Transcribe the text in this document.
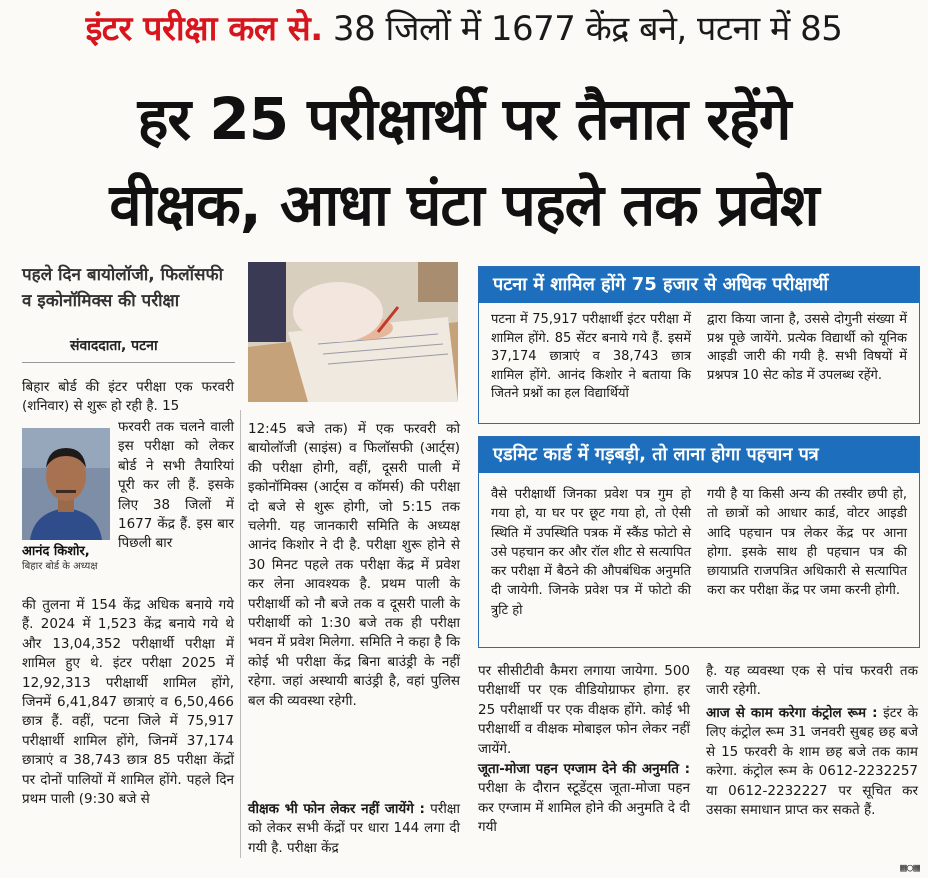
इंटर परीक्षा कल से. 38 जिलों में 1677 केंद्र बने, पटना में 85
हर 25 परीक्षार्थी पर तैनात रहेंगे
वीक्षक, आधा घंटा पहले तक प्रवेश
पहले दिन बायोलॉजी, फिलॉसफी व इकोनॉमिक्स की परीक्षा
संवाददाता, पटना
आनंद किशोर,
बिहार बोर्ड के अध्यक्ष
बिहार बोर्ड की इंटर परीक्षा एक फरवरी (शनिवार) से शुरू हो रही है. 15
फरवरी तक चलने वाली इस परीक्षा को लेकर बोर्ड ने सभी तैयारियां पूरी कर ली हैं. इसके लिए 38 जिलों में 1677 केंद्र हैं. इस बार पिछली बार
की तुलना में 154 केंद्र अधिक बनाये गये हैं. 2024 में 1,523 केंद्र बनाये गये थे और 13,04,352 परीक्षार्थी परीक्षा में शामिल हुए थे. इंटर परीक्षा 2025 में 12,92,313 परीक्षार्थी शामिल होंगे, जिनमें 6,41,847 छात्राएं व 6,50,466 छात्र हैं. वहीं, पटना जिले में 75,917 परीक्षार्थी शामिल होंगे, जिनमें 37,174 छात्राएं व 38,743 छात्र 85 परीक्षा केंद्रों पर दोनों पालियों में शामिल होंगे. पहले दिन प्रथम पाली (9:30 बजे से
12:45 बजे तक) में एक फरवरी को बायोलॉजी (साइंस) व फिलॉसफी (आर्ट्स) की परीक्षा होगी, वहीं, दूसरी पाली में इकोनॉमिक्स (आर्ट्स व कॉमर्स) की परीक्षा दो बजे से शुरू होगी, जो 5:15 तक चलेगी. यह जानकारी समिति के अध्यक्ष आनंद किशोर ने दी है. परीक्षा शुरू होने से 30 मिनट पहले तक परीक्षा केंद्र में प्रवेश कर लेना आवश्यक है. प्रथम पाली के परीक्षार्थी को नौ बजे तक व दूसरी पाली के परीक्षार्थी को 1:30 बजे तक ही परीक्षा भवन में प्रवेश मिलेगा. समिति ने कहा है कि कोई भी परीक्षा केंद्र बिना बाउंड्री के नहीं रहेगा. जहां अस्थायी बाउंड्री है, वहां पुलिस बल की व्यवस्था रहेगी.
वीक्षक भी फोन लेकर नहीं जायेंगे : परीक्षा को लेकर सभी केंद्रों पर धारा 144 लगा दी गयी है. परीक्षा केंद्र
पटना में शामिल होंगे 75 हजार से अधिक परीक्षार्थी
पटना में 75,917 परीक्षार्थी इंटर परीक्षा में शामिल होंगे. 85 सेंटर बनाये गये हैं. इसमें 37,174 छात्राएं व 38,743 छात्र शामिल होंगे. आनंद किशोर ने बताया कि जितने प्रश्नों का हल विद्यार्थियों
द्वारा किया जाना है, उससे दोगुनी संख्या में प्रश्न पूछे जायेंगे. प्रत्येक विद्यार्थी को यूनिक आइडी जारी की गयी है. सभी विषयों में प्रश्नपत्र 10 सेट कोड में उपलब्ध रहेंगे.
एडमिट कार्ड में गड़बड़ी, तो लाना होगा पहचान पत्र
वैसे परीक्षार्थी जिनका प्रवेश पत्र गुम हो गया हो, या घर पर छूट गया हो, तो ऐसी स्थिति में उपस्थिति पत्रक में स्कैंड फोटो से उसे पहचान कर और रॉल शीट से सत्यापित कर परीक्षा में बैठने की औपबंधिक अनुमति दी जायेगी. जिनके प्रवेश पत्र में फोटो की त्रुटि हो
गयी है या किसी अन्य की तस्वीर छपी हो, तो छात्रों को आधार कार्ड, वोटर आइडी आदि पहचान पत्र लेकर केंद्र पर आना होगा. इसके साथ ही पहचान पत्र की छायाप्रति राजपत्रित अधिकारी से सत्यापित करा कर परीक्षा केंद्र पर जमा करनी होगी.
पर सीसीटीवी कैमरा लगाया जायेगा. 500 परीक्षार्थी पर एक वीडियोग्राफर होगा. हर 25 परीक्षार्थी पर एक वीक्षक होंगे. कोई भी परीक्षार्थी व वीक्षक मोबाइल फोन लेकर नहीं जायेंगे.
जूता-मोजा पहन एग्जाम देने की अनुमति : परीक्षा के दौरान स्टूडेंट्स जूता-मोजा पहन कर एग्जाम में शामिल होने की अनुमति दे दी गयी
है. यह व्यवस्था एक से पांच फरवरी तक जारी रहेगी.
आज से काम करेगा कंट्रोल रूम : इंटर के लिए कंट्रोल रूम 31 जनवरी सुबह छह बजे से 15 फरवरी के शाम छह बजे तक काम करेगा. कंट्रोल रूम के 0612-2232257 या 0612-2232227 पर सूचित कर उसका समाधान प्राप्त कर सकते हैं.
▦○▦
